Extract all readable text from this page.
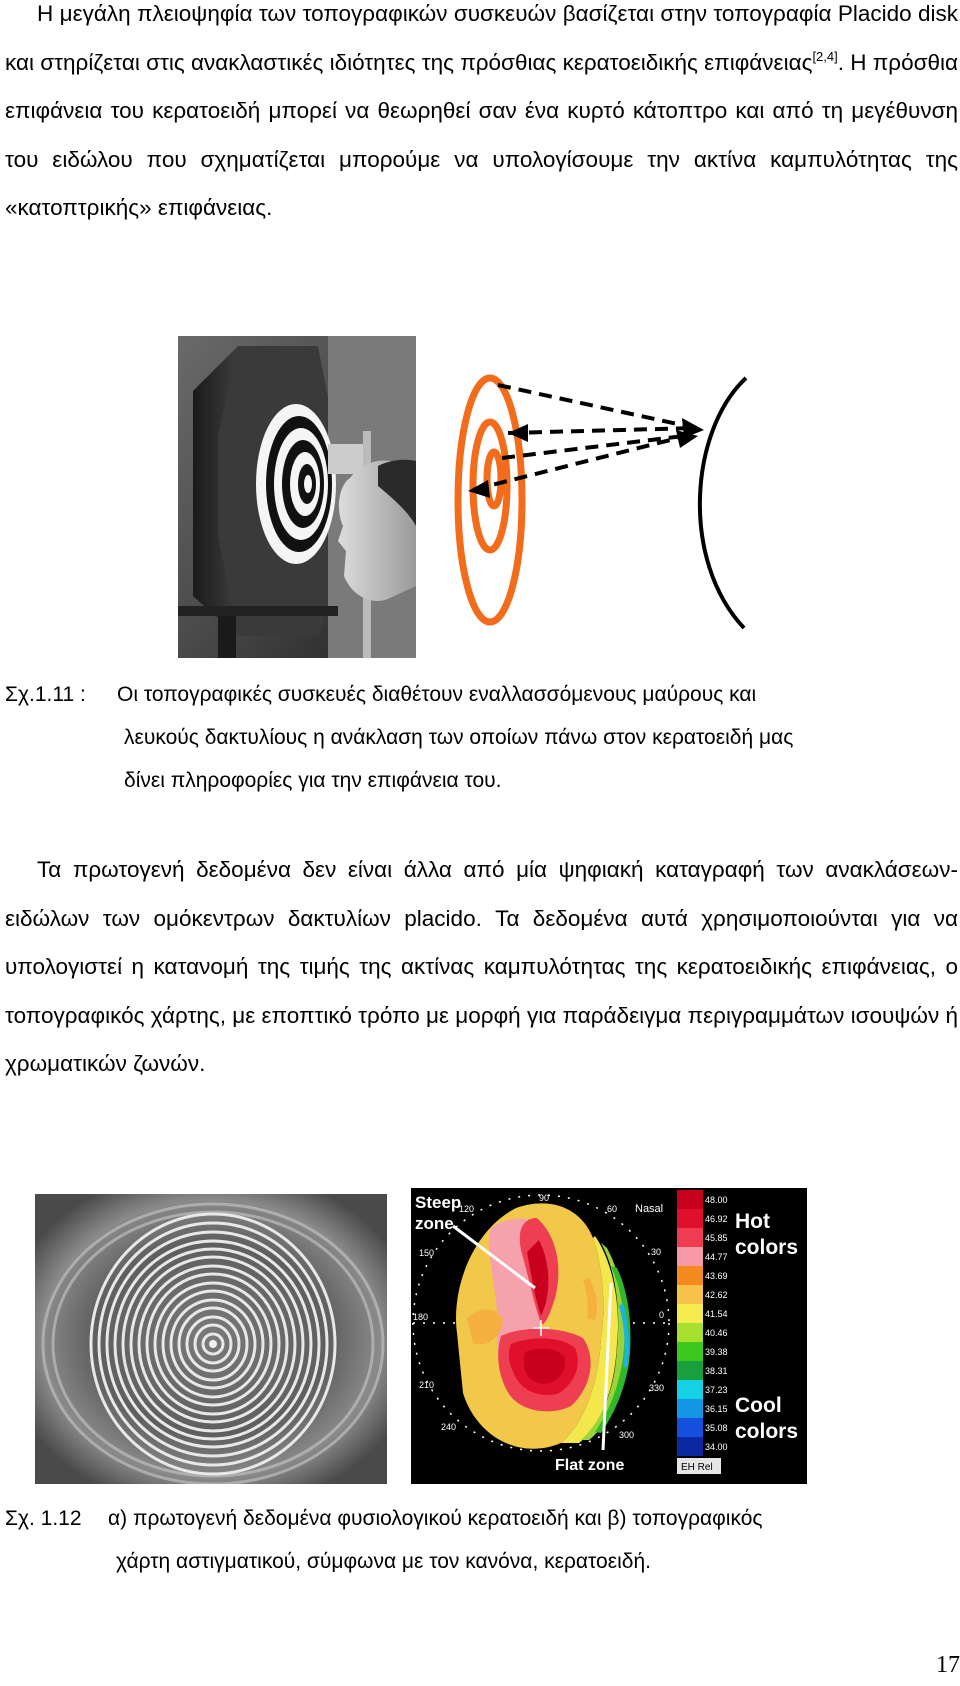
Η μεγάλη πλειοψηφία των τοπογραφικών συσκευών βασίζεται στην τοπογραφία Placido disk και στηρίζεται στις ανακλαστικές ιδιότητες της πρόσθιας κερατοειδικής επιφάνειας[2,4]. Η πρόσθια επιφάνεια του κερατοειδή μπορεί να θεωρηθεί σαν ένα κυρτό κάτοπτρο και από τη μεγέθυνση του ειδώλου που σχηματίζεται μπορούμε να υπολογίσουμε την ακτίνα καμπυλότητας της «κατοπτρικής» επιφάνειας.

Σχ.1.11 : Οι τοπογραφικές συσκευές διαθέτουν εναλλασσόμενους μαύρους και

λευκούς δακτυλίους η ανάκλαση των οποίων πάνω στον κερατοειδή μας

δίνει πληροφορίες για την επιφάνεια του.

Τα πρωτογενή δεδομένα δεν είναι άλλα από μία ψηφιακή καταγραφή των ανακλάσεων-ειδώλων των ομόκεντρων δακτυλίων placido. Τα δεδομένα αυτά χρησιμοποιούνται για να υπολογιστεί η κατανομή της τιμής της ακτίνας καμπυλότητας της κερατοειδικής επιφάνειας, ο τοπογραφικός χάρτης, με εποπτικό τρόπο με μορφή για παράδειγμα περιγραμμάτων ισουψών ή χρωματικών ζωνών.

90
60
30
0
330
300
240
210
150
120
180
Nasal
Steep
zone
Flat zone
48.00
46.92
45.85
44.77
43.69
42.62
41.54
40.46
39.38
38.31
37.23
36.15
35.08
34.00
EH Rel
Hot
colors
Cool
colors

Σχ. 1.12 α) πρωτογενή δεδομένα φυσιολογικού κερατοειδή και β) τοπογραφικός

χάρτη αστιγματικού, σύμφωνα με τον κανόνα, κερατοειδή.

17
